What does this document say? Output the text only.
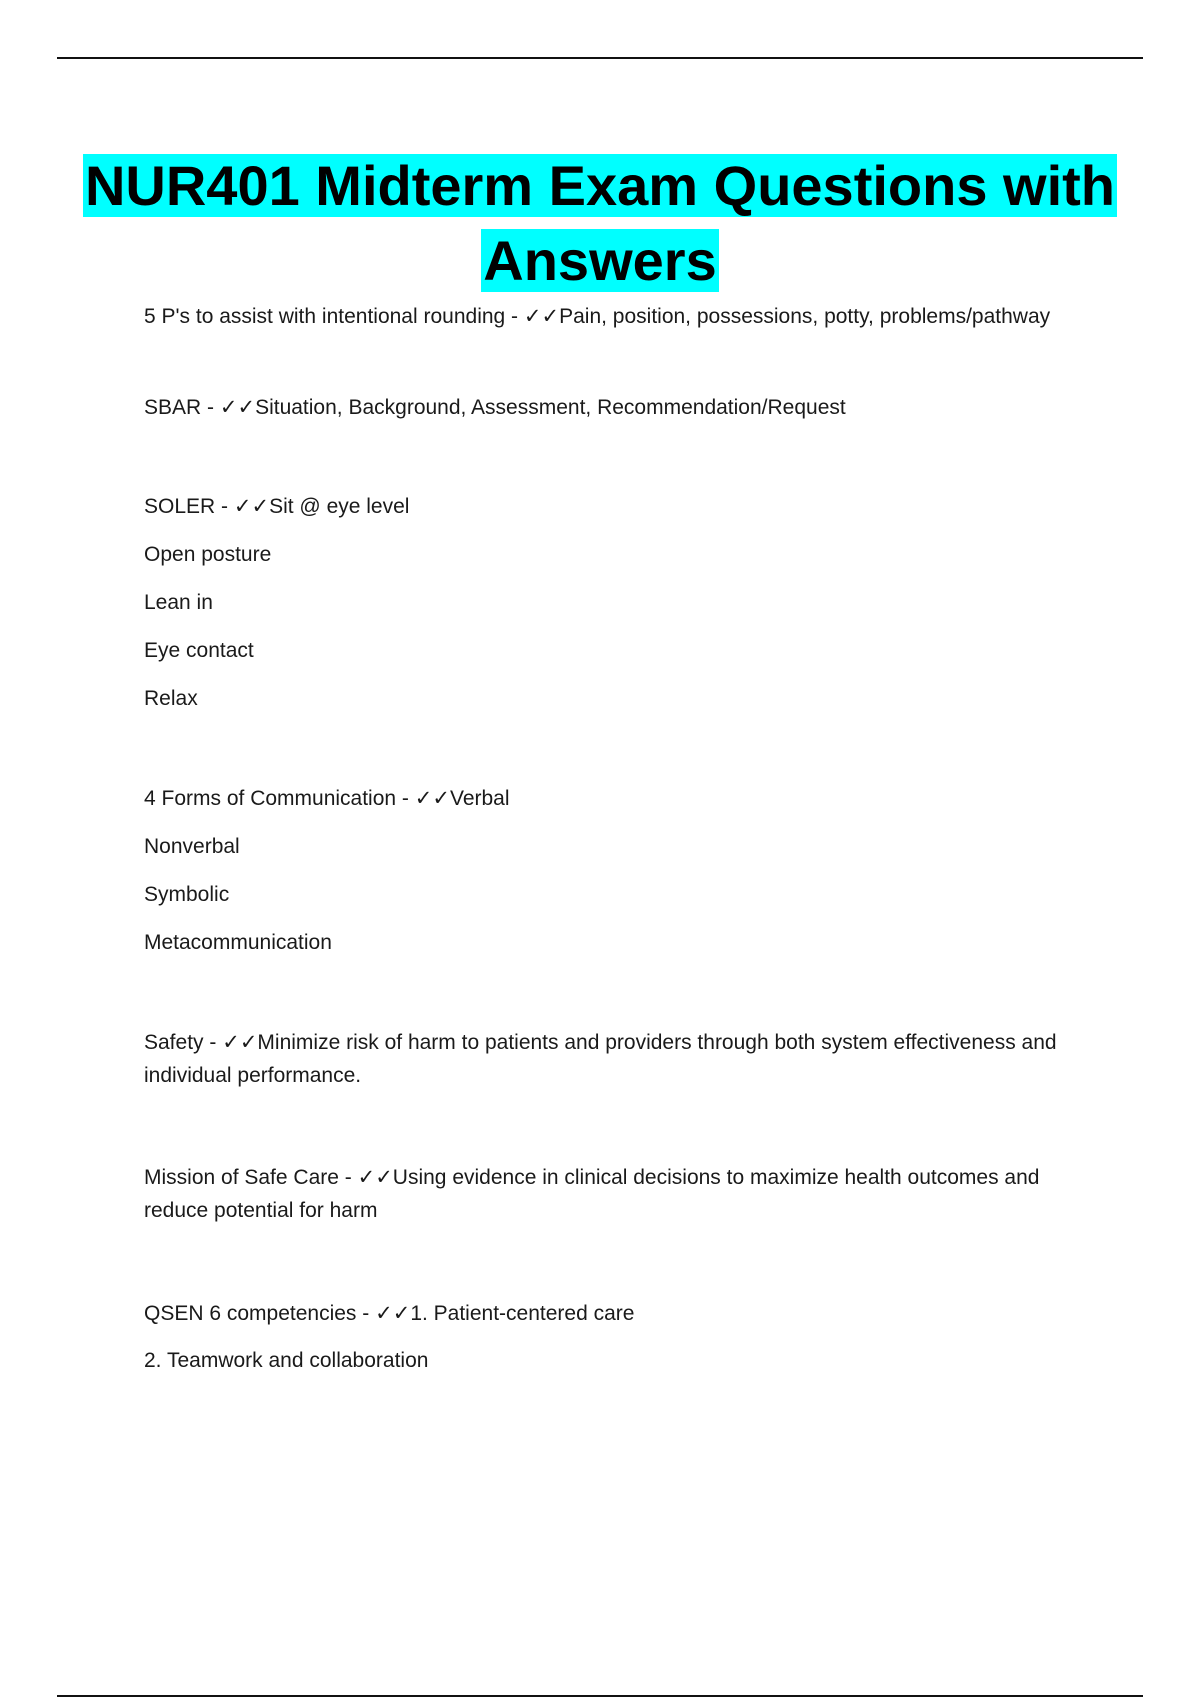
NUR401 Midterm Exam Questions with Answers

5 P's to assist with intentional rounding - ✓✓Pain, position, possessions, potty, problems/pathway

SBAR - ✓✓Situation, Background, Assessment, Recommendation/Request

SOLER - ✓✓Sit @ eye level

Open posture

Lean in

Eye contact

Relax

4 Forms of Communication - ✓✓Verbal

Nonverbal

Symbolic

Metacommunication

Safety - ✓✓Minimize risk of harm to patients and providers through both system effectiveness and individual performance.

Mission of Safe Care - ✓✓Using evidence in clinical decisions to maximize health outcomes and reduce potential for harm

QSEN 6 competencies - ✓✓1. Patient-centered care

2. Teamwork and collaboration
